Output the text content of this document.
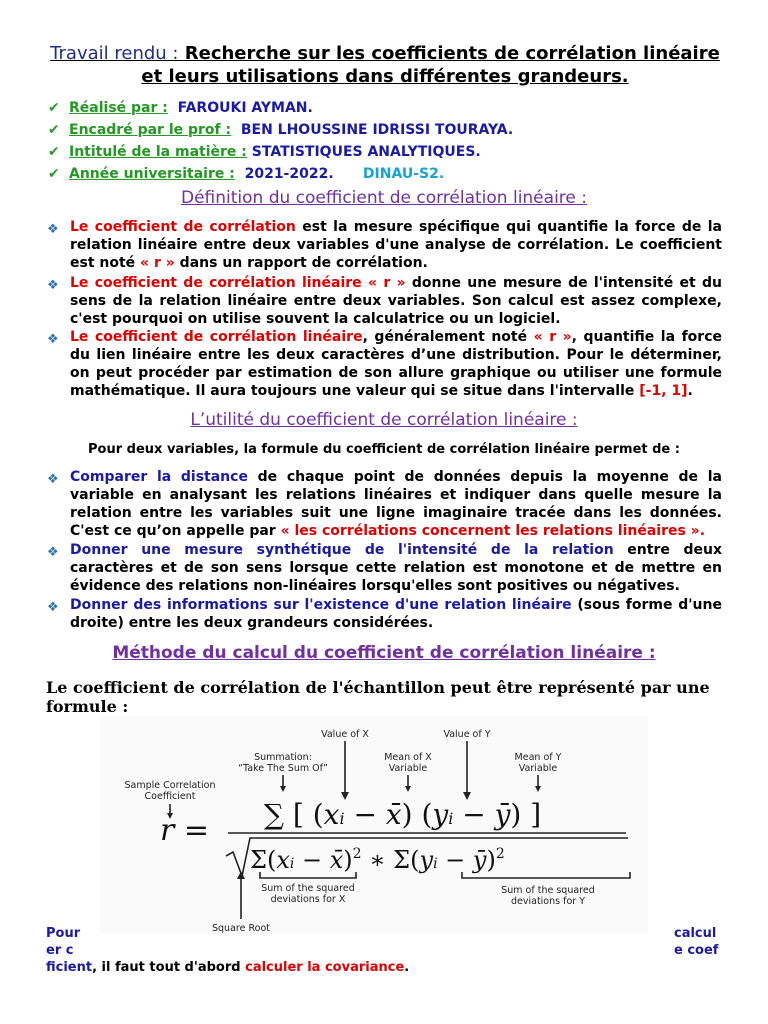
Travail rendu : Recherche sur les coefficients de corrélation linéaire et leurs utilisations dans différentes grandeurs.
✔ Réalisé par : FAROUKI AYMAN.
✔ Encadré par le prof : BEN LHOUSSINE IDRISSI TOURAYA.
✔ Intitulé de la matière : STATISTIQUES ANALYTIQUES.
✔ Année universitaire : 2021-2022. DINAU-S2.
Définition du coefficient de corrélation linéaire :
❖ Le coefficient de corrélation est la mesure spécifique qui quantifie la force de la relation linéaire entre deux variables d'une analyse de corrélation. Le coefficient est noté « r » dans un rapport de corrélation.
❖ Le coefficient de corrélation linéaire « r » donne une mesure de l'intensité et du sens de la relation linéaire entre deux variables. Son calcul est assez complexe, c'est pourquoi on utilise souvent la calculatrice ou un logiciel.
❖ Le coefficient de corrélation linéaire, généralement noté « r », quantifie la force du lien linéaire entre les deux caractères d’une distribution. Pour le déterminer, on peut procéder par estimation de son allure graphique ou utiliser une formule mathématique. Il aura toujours une valeur qui se situe dans l'intervalle [-1, 1].
L’utilité du coefficient de corrélation linéaire :
Pour deux variables, la formule du coefficient de corrélation linéaire permet de :
❖ Comparer la distance de chaque point de données depuis la moyenne de la variable en analysant les relations linéaires et indiquer dans quelle mesure la relation entre les variables suit une ligne imaginaire tracée dans les données. C'est ce qu’on appelle par « les corrélations concernent les relations linéaires ».
❖ Donner une mesure synthétique de l'intensité de la relation entre deux caractères et de son sens lorsque cette relation est monotone et de mettre en évidence des relations non-linéaires lorsqu'elles sont positives ou négatives.
❖ Donner des informations sur l'existence d'une relation linéaire (sous forme d'une droite) entre les deux grandeurs considérées.
Méthode du calcul du coefficient de corrélation linéaire :
Le coefficient de corrélation de l'échantillon peut être représenté par une formule :
Value of X	Value of Y
Summation:
“Take The Sum Of”
Mean of X
Variable
Mean of Y
Variable
Sample Correlation
Coefficient
Sum of the squared
deviations for X
Sum of the squared
deviations for Y
Square Root
r = ∑ [ (xi − x̄) (yi − ȳ) ]
Σ(xi − x̄)$^2$ ∗ Σ(yi − ȳ)$^2$
Pour
er c
calcul
e coef
ficient, il faut tout d'abord calculer la covariance.
